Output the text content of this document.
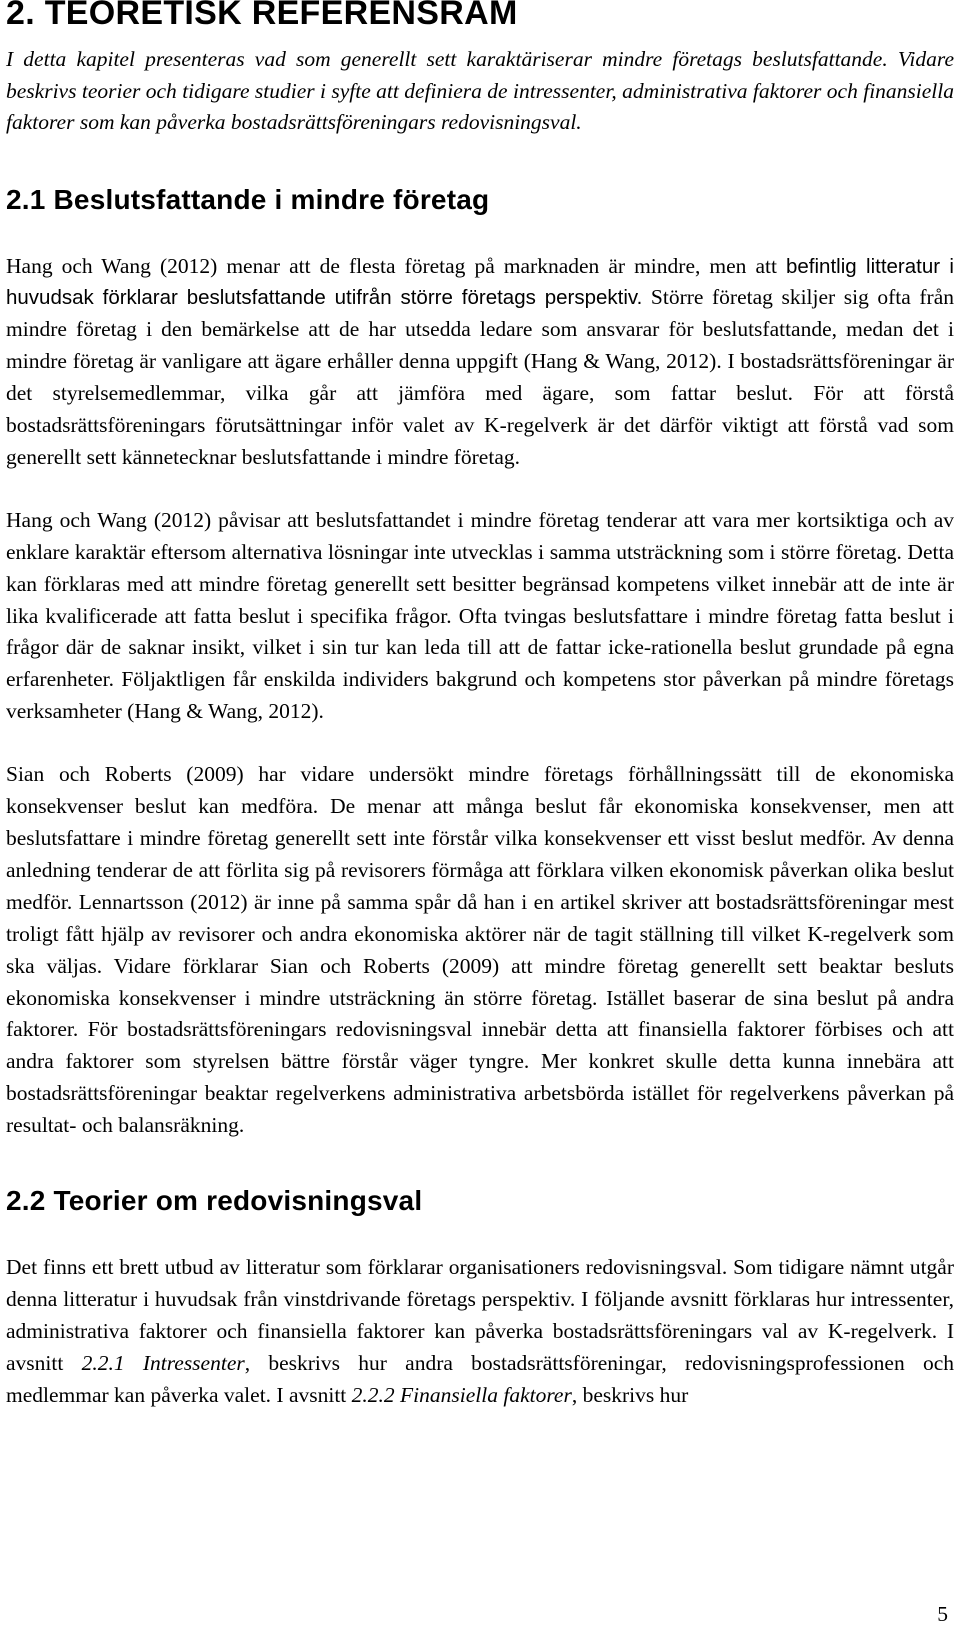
2. TEORETISK REFERENSRAM

I detta kapitel presenteras vad som generellt sett karaktäriserar mindre företags beslutsfattande. Vidare beskrivs teorier och tidigare studier i syfte att definiera de intressenter, administrativa faktorer och finansiella faktorer som kan påverka bostadsrättsföreningars redovisningsval.

2.1 Beslutsfattande i mindre företag

Hang och Wang (2012) menar att de flesta företag på marknaden är mindre, men att befintlig litteratur i huvudsak förklarar beslutsfattande utifrån större företags perspektiv. Större företag skiljer sig ofta från mindre företag i den bemärkelse att de har utsedda ledare som ansvarar för beslutsfattande, medan det i mindre företag är vanligare att ägare erhåller denna uppgift (Hang & Wang, 2012). I bostadsrättsföreningar är det styrelsemedlemmar, vilka går att jämföra med ägare, som fattar beslut. För att förstå bostadsrättsföreningars förutsättningar inför valet av K-regelverk är det därför viktigt att förstå vad som generellt sett kännetecknar beslutsfattande i mindre företag.

Hang och Wang (2012) påvisar att beslutsfattandet i mindre företag tenderar att vara mer kortsiktiga och av enklare karaktär eftersom alternativa lösningar inte utvecklas i samma utsträckning som i större företag. Detta kan förklaras med att mindre företag generellt sett besitter begränsad kompetens vilket innebär att de inte är lika kvalificerade att fatta beslut i specifika frågor. Ofta tvingas beslutsfattare i mindre företag fatta beslut i frågor där de saknar insikt, vilket i sin tur kan leda till att de fattar icke-rationella beslut grundade på egna erfarenheter. Följaktligen får enskilda individers bakgrund och kompetens stor påverkan på mindre företags verksamheter (Hang & Wang, 2012).

Sian och Roberts (2009) har vidare undersökt mindre företags förhållningssätt till de ekonomiska konsekvenser beslut kan medföra. De menar att många beslut får ekonomiska konsekvenser, men att beslutsfattare i mindre företag generellt sett inte förstår vilka konsekvenser ett visst beslut medför. Av denna anledning tenderar de att förlita sig på revisorers förmåga att förklara vilken ekonomisk påverkan olika beslut medför. Lennartsson (2012) är inne på samma spår då han i en artikel skriver att bostadsrättsföreningar mest troligt fått hjälp av revisorer och andra ekonomiska aktörer när de tagit ställning till vilket K-regelverk som ska väljas. Vidare förklarar Sian och Roberts (2009) att mindre företag generellt sett beaktar besluts ekonomiska konsekvenser i mindre utsträckning än större företag. Istället baserar de sina beslut på andra faktorer. För bostadsrättsföreningars redovisningsval innebär detta att finansiella faktorer förbises och att andra faktorer som styrelsen bättre förstår väger tyngre. Mer konkret skulle detta kunna innebära att bostadsrättsföreningar beaktar regelverkens administrativa arbetsbörda istället för regelverkens påverkan på resultat- och balansräkning.

2.2 Teorier om redovisningsval

Det finns ett brett utbud av litteratur som förklarar organisationers redovisningsval. Som tidigare nämnt utgår denna litteratur i huvudsak från vinstdrivande företags perspektiv. I följande avsnitt förklaras hur intressenter, administrativa faktorer och finansiella faktorer kan påverka bostadsrättsföreningars val av K-regelverk. I avsnitt 2.2.1 Intressenter, beskrivs hur andra bostadsrättsföreningar, redovisningsprofessionen och medlemmar kan påverka valet. I avsnitt 2.2.2 Finansiella faktorer, beskrivs hur

5
